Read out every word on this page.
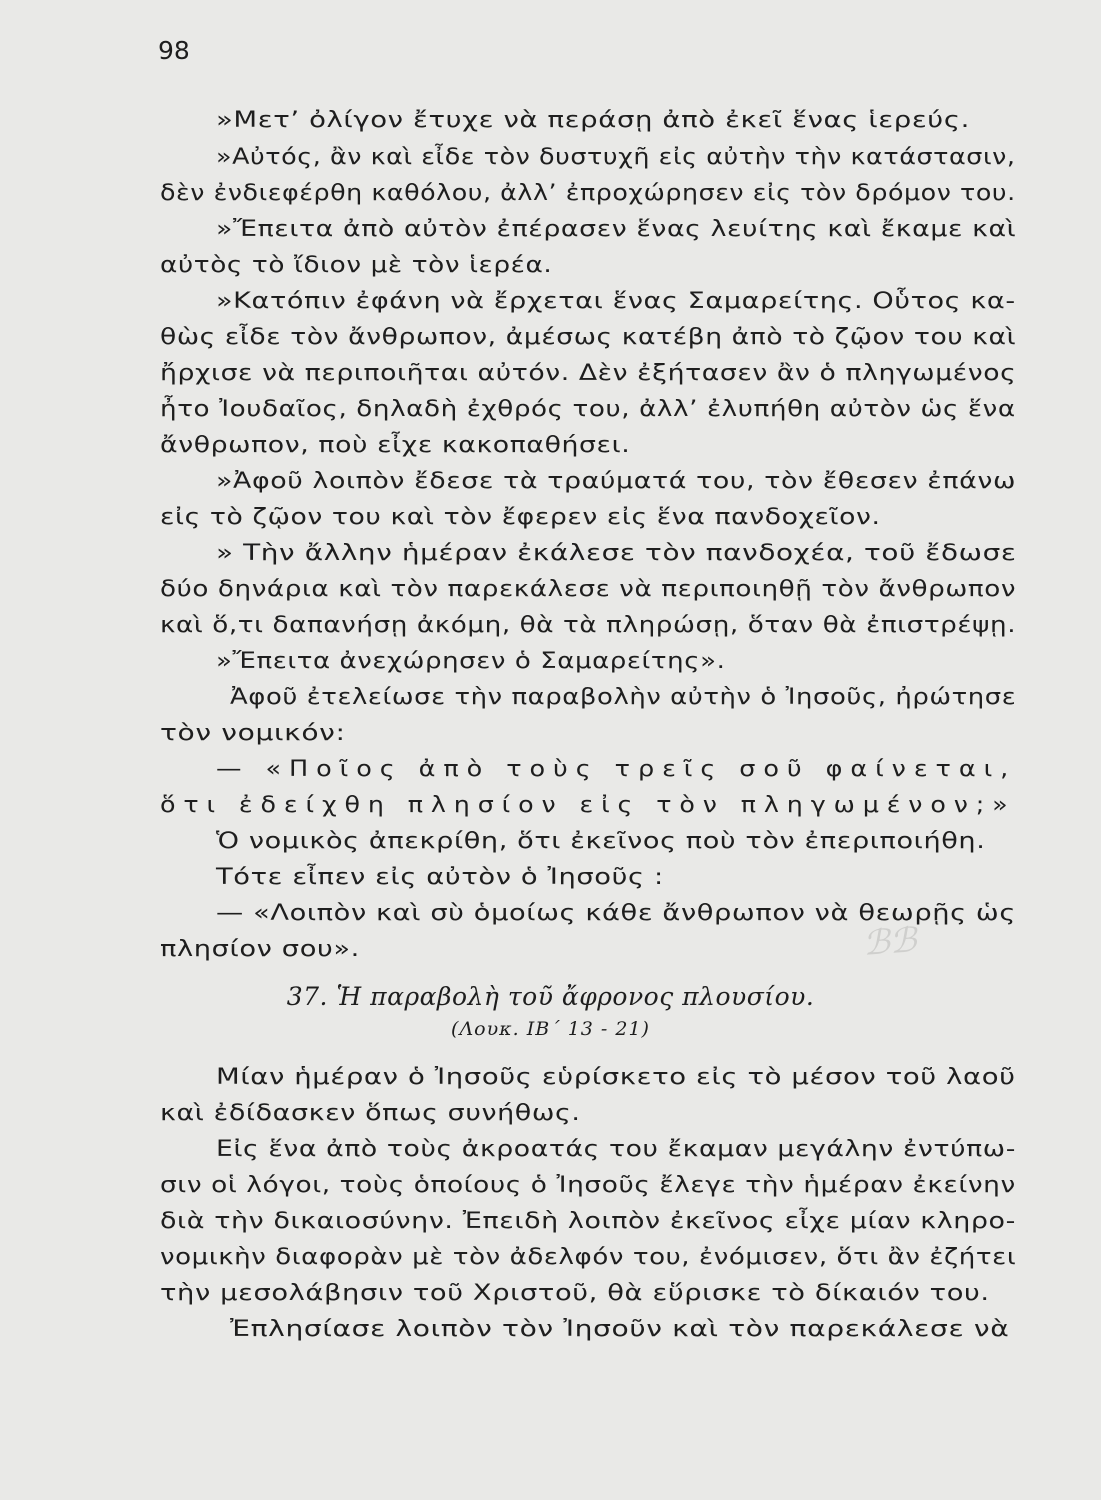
98
»Μετ’ ὀλίγον ἔτυχε νὰ περάσῃ ἀπὸ ἐκεῖ ἕνας ἱερεύς.
»Αὐτός, ἂν καὶ εἶδε τὸν δυστυχῆ εἰς αὐτὴν τὴν κατάστασιν,
δὲν ἐνδιεφέρθη καθόλου, ἀλλ’ ἐπροχώρησεν εἰς τὸν δρόμον του.
»Ἔπειτα ἀπὸ αὐτὸν ἐπέρασεν ἕνας λευίτης καὶ ἔκαμε καὶ
αὐτὸς τὸ ἴδιον μὲ τὸν ἱερέα.
»Κατόπιν ἐφάνη νὰ ἔρχεται ἕνας Σαμαρείτης. Οὗτος κα-
θὼς εἶδε τὸν ἄνθρωπον, ἀμέσως κατέβη ἀπὸ τὸ ζῷον του καὶ
ἤρχισε νὰ περιποιῆται αὐτόν. Δὲν ἐξήτασεν ἂν ὁ πληγωμένος
ἦτο Ἰουδαῖος, δηλαδὴ ἐχθρός του, ἀλλ’ ἐλυπήθη αὐτὸν ὡς ἕνα
ἄνθρωπον, ποὺ εἶχε κακοπαθήσει.
»Ἀφοῦ λοιπὸν ἔδεσε τὰ τραύματά του, τὸν ἔθεσεν ἐπάνω
εἰς τὸ ζῷον του καὶ τὸν ἔφερεν εἰς ἕνα πανδοχεῖον.
» Τὴν ἄλλην ἡμέραν ἐκάλεσε τὸν πανδοχέα, τοῦ ἔδωσε
δύο δηνάρια καὶ τὸν παρεκάλεσε νὰ περιποιηθῇ τὸν ἄνθρωπον
καὶ ὅ,τι δαπανήσῃ ἀκόμη, θὰ τὰ πληρώσῃ, ὅταν θὰ ἐπιστρέψῃ.
»Ἔπειτα ἀνεχώρησεν ὁ Σαμαρείτης».
Ἀφοῦ ἐτελείωσε τὴν παραβολὴν αὐτὴν ὁ Ἰησοῦς, ἠρώτησε
τὸν νομικόν:
— «Ποῖος ἀπὸ τοὺς τρεῖς σοῦ φαίνεται,
ὅτι ἐδείχθη πλησίον εἰς τὸν πληγωμένον;»
Ὁ νομικὸς ἀπεκρίθη, ὅτι ἐκεῖνος ποὺ τὸν ἐπεριποιήθη.
Τότε εἶπεν εἰς αὐτὸν ὁ Ἰησοῦς :
— «Λοιπὸν καὶ σὺ ὁμοίως κάθε ἄνθρωπον νὰ θεωρῇς ὡς
πλησίον σου».	ℬℬ
37. Ἡ παραβολὴ τοῦ ἄφρονος πλουσίου.
(Λουκ. ΙΒ΄ 13 - 21)
Μίαν ἡμέραν ὁ Ἰησοῦς εὑρίσκετο εἰς τὸ μέσον τοῦ λαοῦ
καὶ ἐδίδασκεν ὅπως συνήθως.
Εἰς ἕνα ἀπὸ τοὺς ἀκροατάς του ἔκαμαν μεγάλην ἐντύπω-
σιν οἱ λόγοι, τοὺς ὁποίους ὁ Ἰησοῦς ἔλεγε τὴν ἡμέραν ἐκείνην
διὰ τὴν δικαιοσύνην. Ἐπειδὴ λοιπὸν ἐκεῖνος εἶχε μίαν κληρο-
νομικὴν διαφορὰν μὲ τὸν ἀδελφόν του, ἐνόμισεν, ὅτι ἂν ἐζήτει
τὴν μεσολάβησιν τοῦ Χριστοῦ, θὰ εὕρισκε τὸ δίκαιόν του.
Ἐπλησίασε λοιπὸν τὸν Ἰησοῦν καὶ τὸν παρεκάλεσε νὰ
